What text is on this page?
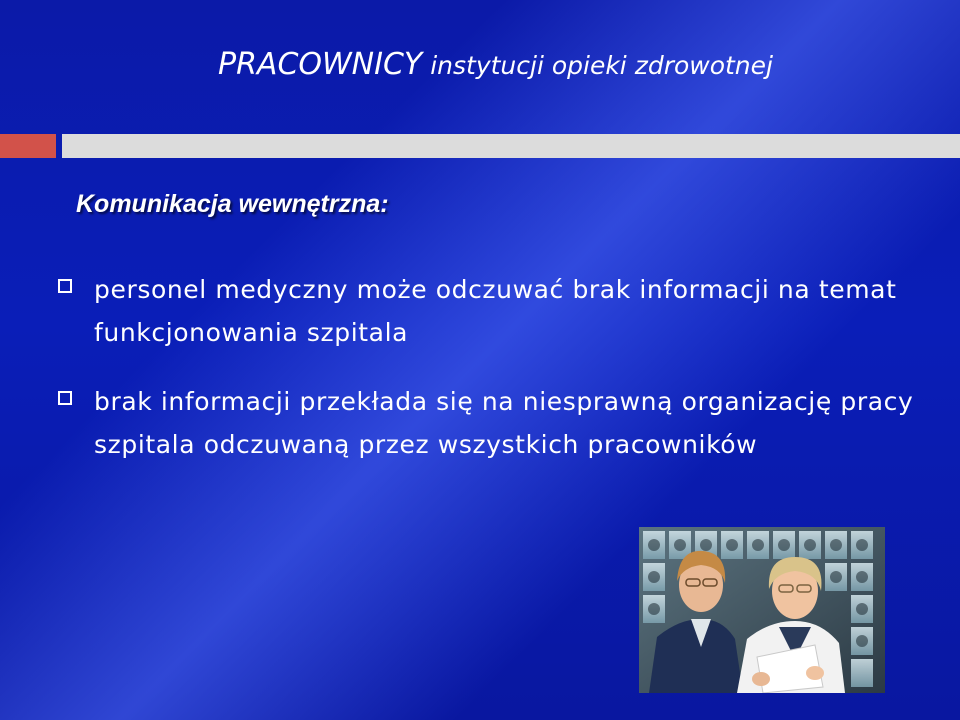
PRACOWNICY instytucji opieki zdrowotnej
Komunikacja wewnętrzna:
personel medyczny może odczuwać brak informacji na temat funkcjonowania szpitala
brak informacji przekłada się na niesprawną organizację pracy szpitala odczuwaną przez wszystkich pracowników
